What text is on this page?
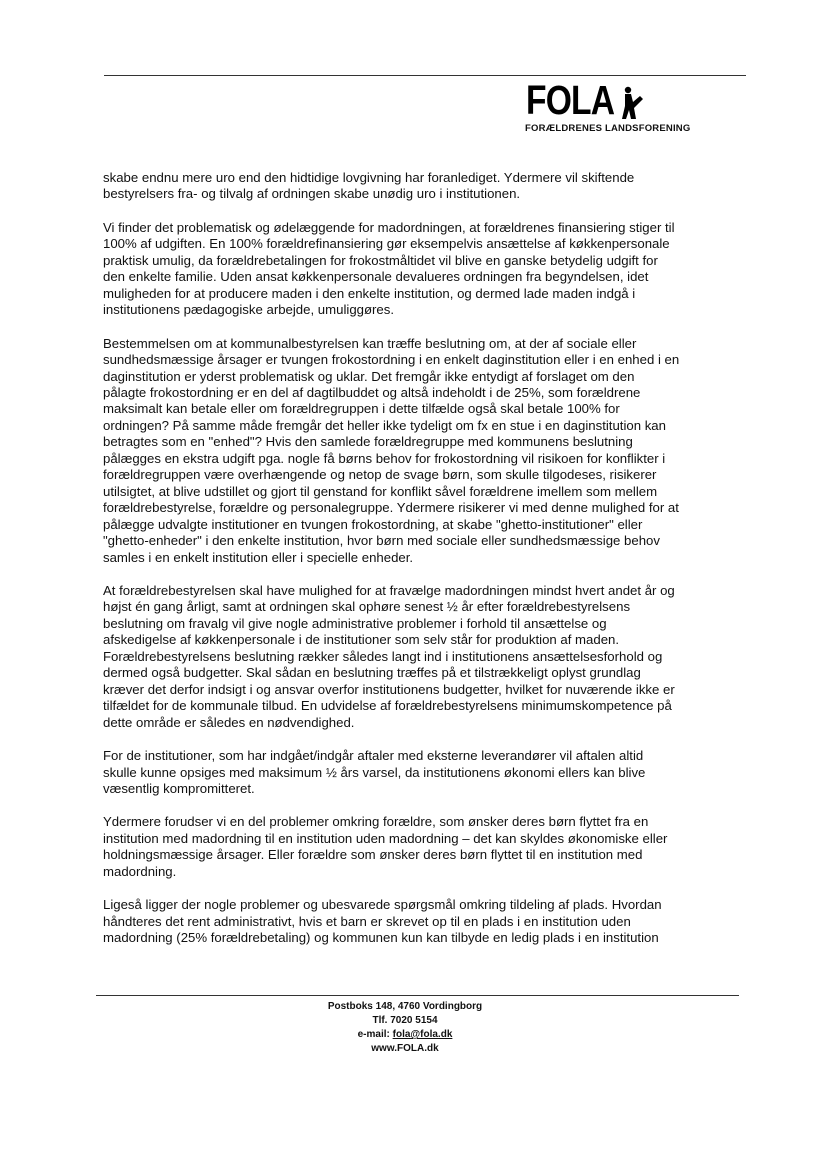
FOLA
FORÆLDRENES LANDSFORENING
skabe endnu mere uro end den hidtidige lovgivning har foranlediget. Ydermere vil skiftende
bestyrelsers fra- og tilvalg af ordningen skabe unødig uro i institutionen.
Vi finder det problematisk og ødelæggende for madordningen, at forældrenes finansiering stiger til
100% af udgiften. En 100% forældrefinansiering gør eksempelvis ansættelse af køkkenpersonale
praktisk umulig, da forældrebetalingen for frokostmåltidet vil blive en ganske betydelig udgift for
den enkelte familie. Uden ansat køkkenpersonale devalueres ordningen fra begyndelsen, idet
muligheden for at producere maden i den enkelte institution, og dermed lade maden indgå i
institutionens pædagogiske arbejde, umuliggøres.
Bestemmelsen om at kommunalbestyrelsen kan træffe beslutning om, at der af sociale eller
sundhedsmæssige årsager er tvungen frokostordning i en enkelt daginstitution eller i en enhed i en
daginstitution er yderst problematisk og uklar. Det fremgår ikke entydigt af forslaget om den
pålagte frokostordning er en del af dagtilbuddet og altså indeholdt i de 25%, som forældrene
maksimalt kan betale eller om forældregruppen i dette tilfælde også skal betale 100% for
ordningen? På samme måde fremgår det heller ikke tydeligt om fx en stue i en daginstitution kan
betragtes som en "enhed"? Hvis den samlede forældregruppe med kommunens beslutning
pålægges en ekstra udgift pga. nogle få børns behov for frokostordning vil risikoen for konflikter i
forældregruppen være overhængende og netop de svage børn, som skulle tilgodeses, risikerer
utilsigtet, at blive udstillet og gjort til genstand for konflikt såvel forældrene imellem som mellem
forældrebestyrelse, forældre og personalegruppe. Ydermere risikerer vi med denne mulighed for at
pålægge udvalgte institutioner en tvungen frokostordning, at skabe "ghetto-institutioner" eller
"ghetto-enheder" i den enkelte institution, hvor børn med sociale eller sundhedsmæssige behov
samles i en enkelt institution eller i specielle enheder.
At forældrebestyrelsen skal have mulighed for at fravælge madordningen mindst hvert andet år og
højst én gang årligt, samt at ordningen skal ophøre senest ½ år efter forældrebestyrelsens
beslutning om fravalg vil give nogle administrative problemer i forhold til ansættelse og
afskedigelse af køkkenpersonale i de institutioner som selv står for produktion af maden.
Forældrebestyrelsens beslutning rækker således langt ind i institutionens ansættelsesforhold og
dermed også budgetter. Skal sådan en beslutning træffes på et tilstrækkeligt oplyst grundlag
kræver det derfor indsigt i og ansvar overfor institutionens budgetter, hvilket for nuværende ikke er
tilfældet for de kommunale tilbud. En udvidelse af forældrebestyrelsens minimumskompetence på
dette område er således en nødvendighed.
For de institutioner, som har indgået/indgår aftaler med eksterne leverandører vil aftalen altid
skulle kunne opsiges med maksimum ½ års varsel, da institutionens økonomi ellers kan blive
væsentlig kompromitteret.
Ydermere forudser vi en del problemer omkring forældre, som ønsker deres børn flyttet fra en
institution med madordning til en institution uden madordning – det kan skyldes økonomiske eller
holdningsmæssige årsager. Eller forældre som ønsker deres børn flyttet til en institution med
madordning.
Ligeså ligger der nogle problemer og ubesvarede spørgsmål omkring tildeling af plads. Hvordan
håndteres det rent administrativt, hvis et barn er skrevet op til en plads i en institution uden
madordning (25% forældrebetaling) og kommunen kun kan tilbyde en ledig plads i en institution
Postboks 148, 4760 Vordingborg
Tlf. 7020 5154
e-mail: fola@fola.dk
www.FOLA.dk
